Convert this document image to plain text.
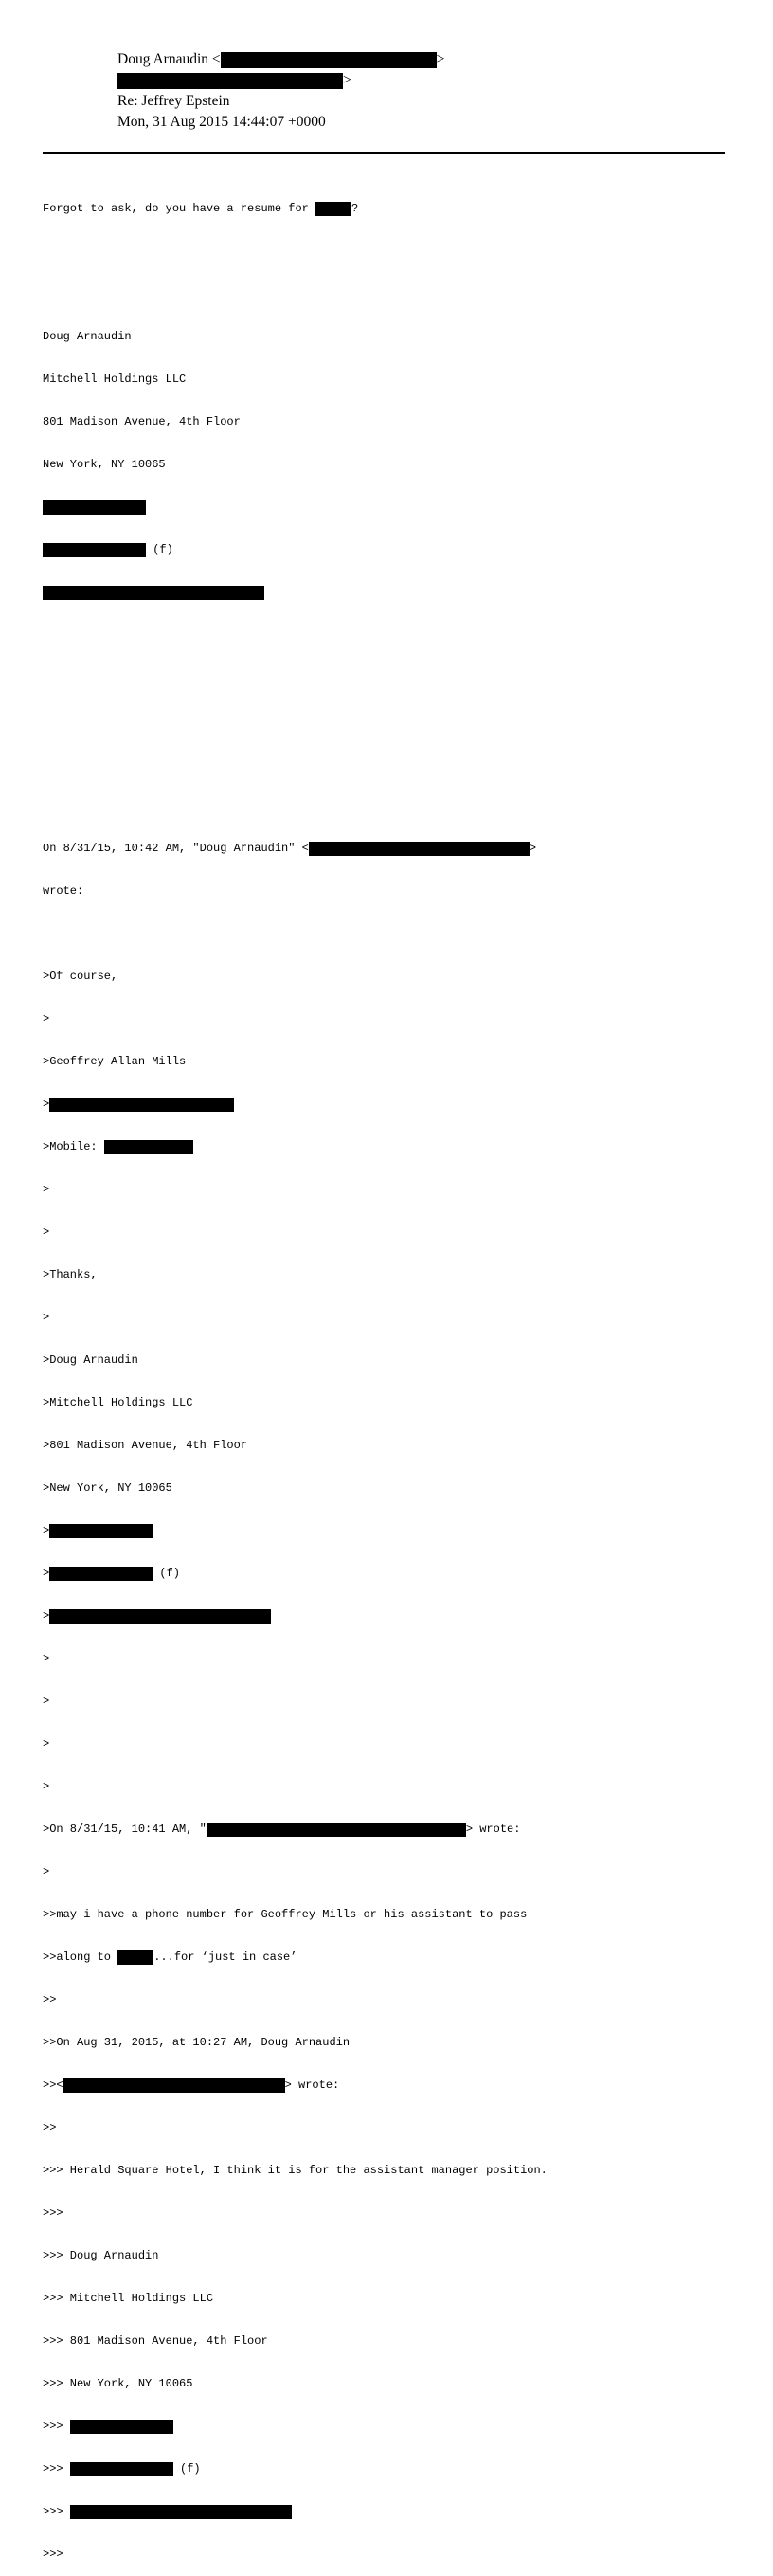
Doug Arnaudin <	>
>
Re: Jeffrey Epstein
Mon, 31 Aug 2015 14:44:07 +0000

Forgot to ask, do you have a resume for	?

Doug Arnaudin

Mitchell Holdings LLC

801 Madison Avenue, 4th Floor

New York, NY 10065

(f)

On 8/31/15, 10:42 AM, "Doug Arnaudin" <	>

wrote:

>Of course,

>

>Geoffrey Allan Mills

>

>Mobile:

>

>

>Thanks,

>

>Doug Arnaudin

>Mitchell Holdings LLC

>801 Madison Avenue, 4th Floor

>New York, NY 10065

>

>	(f)

>

>

>

>

>

>On 8/31/15, 10:41 AM, "	> wrote:

>

>>may i have a phone number for Geoffrey Mills or his assistant to pass

>>along to	...for ‘just in case’

>>

>>On Aug 31, 2015, at 10:27 AM, Doug Arnaudin

>><	> wrote:

>>

>>> Herald Square Hotel, I think it is for the assistant manager position.

>>>

>>> Doug Arnaudin

>>> Mitchell Holdings LLC

>>> 801 Madison Avenue, 4th Floor

>>> New York, NY 10065

>>>

>>>	(f)

>>>

>>>
